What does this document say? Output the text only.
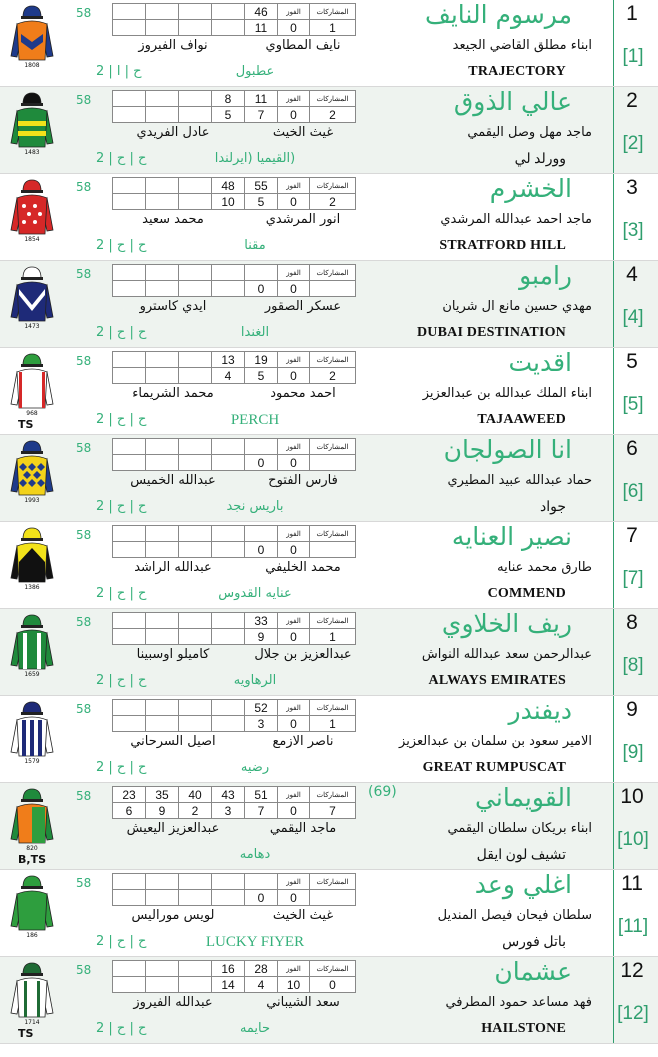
1808
58
					46	الفوز	المشاركات
				11	0	1
نايف المطاوي
نواف الفيروز
ح | ا | 2	عطبول
مرسوم النايف
ابناء مطلق القاضي الجيعد
TRAJECTORY
1
[1]
1483
58
				8	11	الفوز	المشاركات
			5	7	0	2
غيث الخيث
عادل الفريدي
ح | ح | 2	(القيميا (ايرلندا
عالي الذوق
ماجد مهل وصل اليقمي
وورلد لي
2
[2]
1854
58
				48	55	الفوز	المشاركات
			10	5	0	2
انور المرشدي
محمد سعيد
ح | ح | 2	مقنا
الخشرم
ماجد احمد عبدالله المرشدي
STRATFORD HILL
3
[3]
1473
58
						الفوز	المشاركات
				0	0	
عسكر الصقور
ايدي كاسترو
ح | ح | 2	الغندا
رامبو
مهدي حسين مانع ال شريان
DUBAI DESTINATION
4
[4]
968
TS
58
				13	19	الفوز	المشاركات
			4	5	0	2
احمد محمود
محمد الشريماء
ح | ح | 2	PERCH
اقديت
ابناء الملك عبدالله بن عبدالعزيز
TAJAAWEED
5
[5]
1993
58
						الفوز	المشاركات
				0	0	
فارس الفتوح
عبدالله الخميس
ح | ح | 2	باريس نجد
انا الصولجان
حماد عبدالله عبيد المطيري
جواد
6
[6]
1386
58
						الفوز	المشاركات
				0	0	
محمد الخليفي
عبدالله الراشد
ح | ح | 2	عنايه القدوس
نصير العنايه
طارق محمد عنايه
COMMEND
7
[7]
1659
58
					33	الفوز	المشاركات
				9	0	1
عبدالعزيز بن جلال
كاميلو اوسبينا
ح | ح | 2	الرهاويه
ريف الخلاوي
عبدالرحمن سعد عبدالله النواش
ALWAYS EMIRATES
8
[8]
1579
58
					52	الفوز	المشاركات
				3	0	1
ناصر الازمع
اصيل السرحاني
ح | ح | 2	رضيه
ديفندر
الامير سعود بن سلمان بن عبدالعزيز
GREAT RUMPUSCAT
9
[9]
820
B,TS
58	23	35	40	43	51	الفوز	المشاركات
6	9	2	3	7	0	7
ماجد اليقمي
عبدالعزيز اليعيش
دهامه
(69)	القويماني
ابناء بريكان سلطان اليقمي
تشيف لون ايقل
10
[10]
186
58
						الفوز	المشاركات
				0	0	
غيث الخيث
لويس موراليس
ح | ح | 2	LUCKY FIYER
اغلي وعد
سلطان فيحان فيصل المنديل
باتل فورس
11
[11]
1714
TS
58
				16	28	الفوز	المشاركات
			14	4	10	0
سعد الشيباني
عبدالله الفيروز
ح | ح | 2	حايمه
عشمان
فهد مساعد حمود المطرفي
HAILSTONE
12
[12]
